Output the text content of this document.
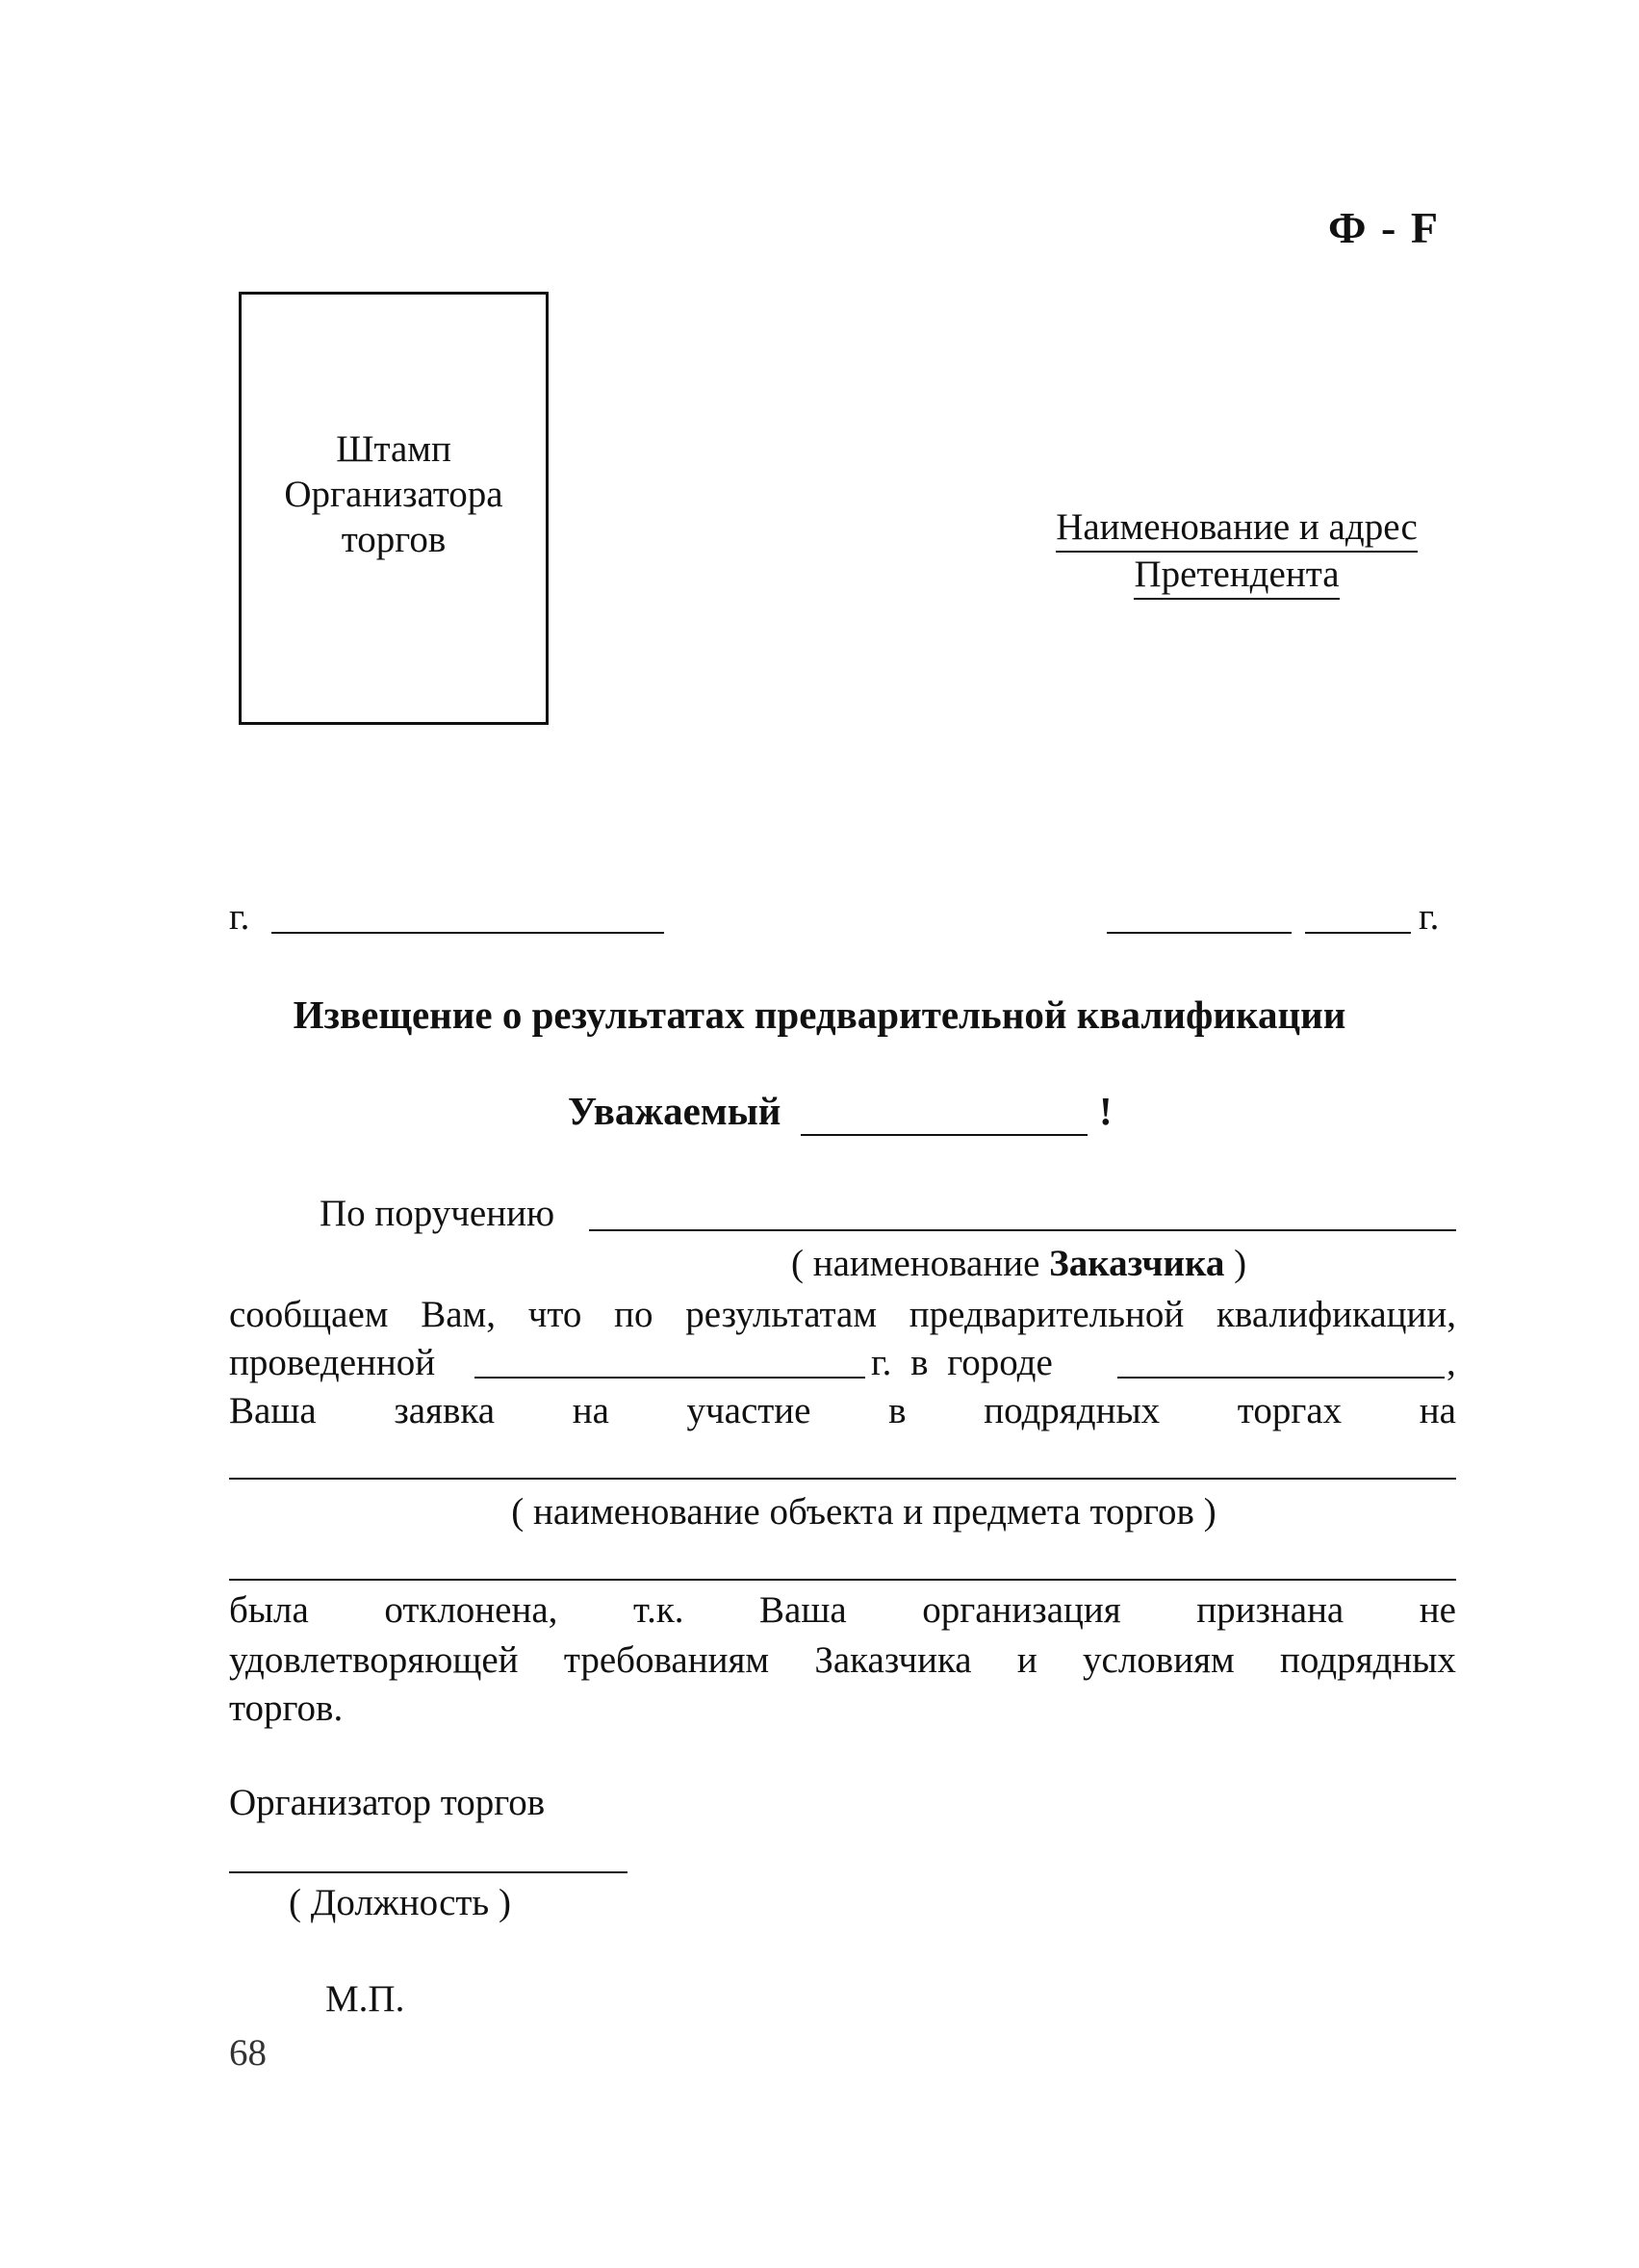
Ф - F
Штамп
Организатора
торгов	Наименование и адрес
Претендента
г.	г.
Извещение о результатах предварительной квалификации
Уважаемый	!
По поручению
( наименование Заказчика )
сообщаем Вам, что по результатам предварительной квалификации,
проведенной	г. в городе	,
Ваша заявка на участие в подрядных торгах на
( наименование объекта и предмета торгов )
была отклонена, т.к. Ваша организация признана не
удовлетворяющей требованиям Заказчика и условиям подрядных
торгов.
Организатор торгов
( Должность )
М.П.
68
